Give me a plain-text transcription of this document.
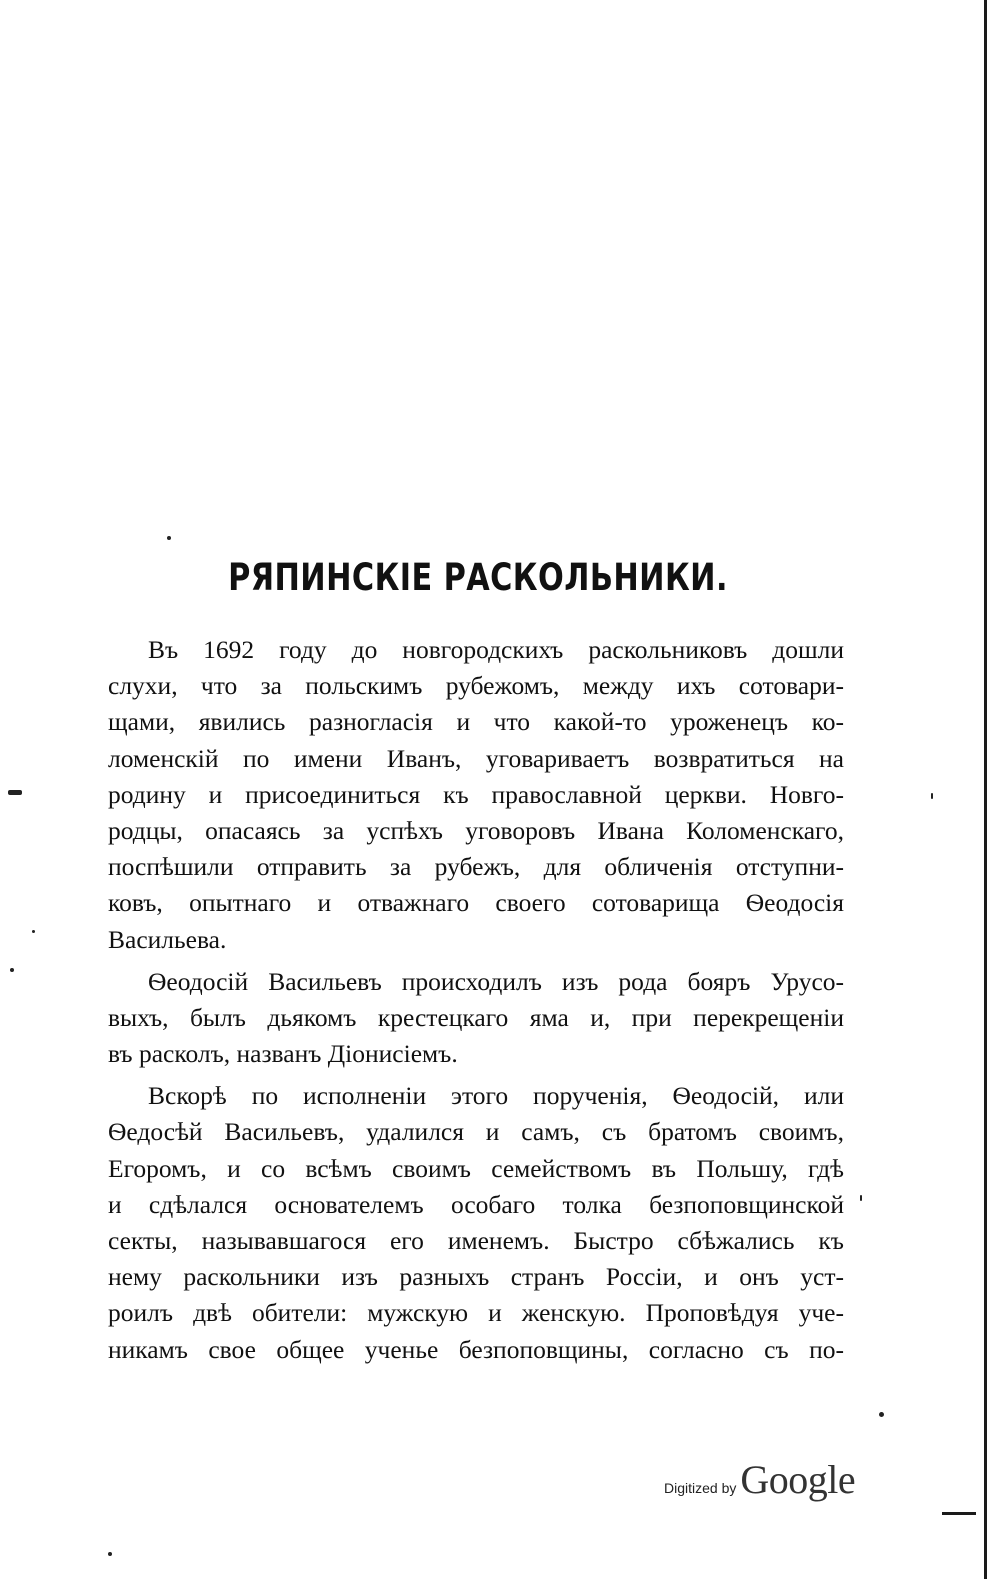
РЯПИНСКIЕ РАСКОЛЬНИКИ.
Въ 1692 году до новгородскихъ раскольниковъ дошли
слухи, что за польскимъ рубежомъ, между ихъ сотовари-
щами, явились разногласія и что какой-то уроженецъ ко-
ломенскій по имени Иванъ, уговариваетъ возвратиться на
родину и присоединиться къ православной церкви. Новго-
родцы, опасаясь за успѣхъ уговоровъ Ивана Коломенскаго,
поспѣшили отправить за рубежъ, для обличенія отступни-
ковъ, опытнаго и отважнаго своего сотоварища Ѳеодосія
Васильева.
Ѳеодосій Васильевъ происходилъ изъ рода бояръ Урусо-
выхъ, былъ дьякомъ крестецкаго яма и, при перекрещеніи
въ расколъ, названъ Діонисіемъ.
Вскорѣ по исполненіи этого порученія, Ѳеодосій, или
Ѳедосѣй Васильевъ, удалился и самъ, съ братомъ своимъ,
Егоромъ, и со всѣмъ своимъ семействомъ въ Польшу, гдѣ
и сдѣлался основателемъ особаго толка безпоповщинской
секты, называвшагося его именемъ. Быстро сбѣжались къ
нему раскольники изъ разныхъ странъ Россіи, и онъ уст-
роилъ двѣ обители: мужскую и женскую. Проповѣдуя уче-
никамъ свое общее ученье безпоповщины, согласно съ по-
Digitized by Google
